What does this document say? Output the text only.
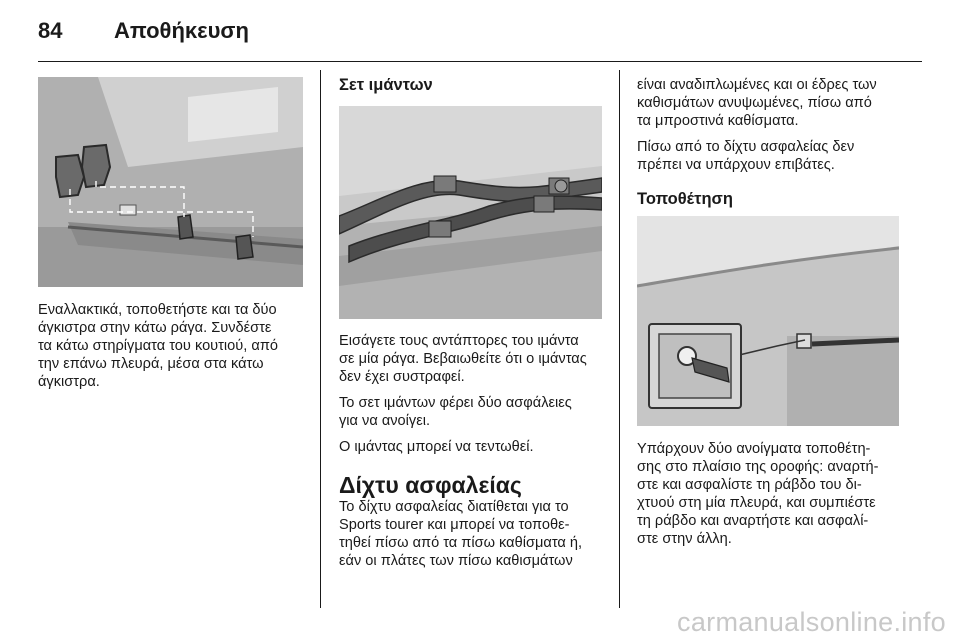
84 Αποθήκευση

Εναλλακτικά, τοποθετήστε και τα δύο
άγκιστρα στην κάτω ράγα. Συνδέστε
τα κάτω στηρίγματα του κουτιού, από
την επάνω πλευρά, μέσα στα κάτω
άγκιστρα.

Σετ ιμάντων

Εισάγετε τους αντάπτορες του ιμάντα
σε μία ράγα. Βεβαιωθείτε ότι ο ιμάντας
δεν έχει συστραφεί.

Το σετ ιμάντων φέρει δύο ασφάλειες
για να ανοίγει.

Ο ιμάντας μπορεί να τεντωθεί.

Δίχτυ ασφαλείας

Το δίχτυ ασφαλείας διατίθεται για το
Sports tourer και μπορεί να τοποθε-
τηθεί πίσω από τα πίσω καθίσματα ή,
εάν οι πλάτες των πίσω καθισμάτων

είναι αναδιπλωμένες και οι έδρες των
καθισμάτων ανυψωμένες, πίσω από
τα μπροστινά καθίσματα.

Πίσω από το δίχτυ ασφαλείας δεν
πρέπει να υπάρχουν επιβάτες.

Τοποθέτηση

Υπάρχουν δύο ανοίγματα τοποθέτη-
σης στο πλαίσιο της οροφής: αναρτή-
στε και ασφαλίστε τη ράβδο του δι-
χτυού στη μία πλευρά, και συμπιέστε
τη ράβδο και αναρτήστε και ασφαλί-
στε στην άλλη.

carmanualsonline.info
